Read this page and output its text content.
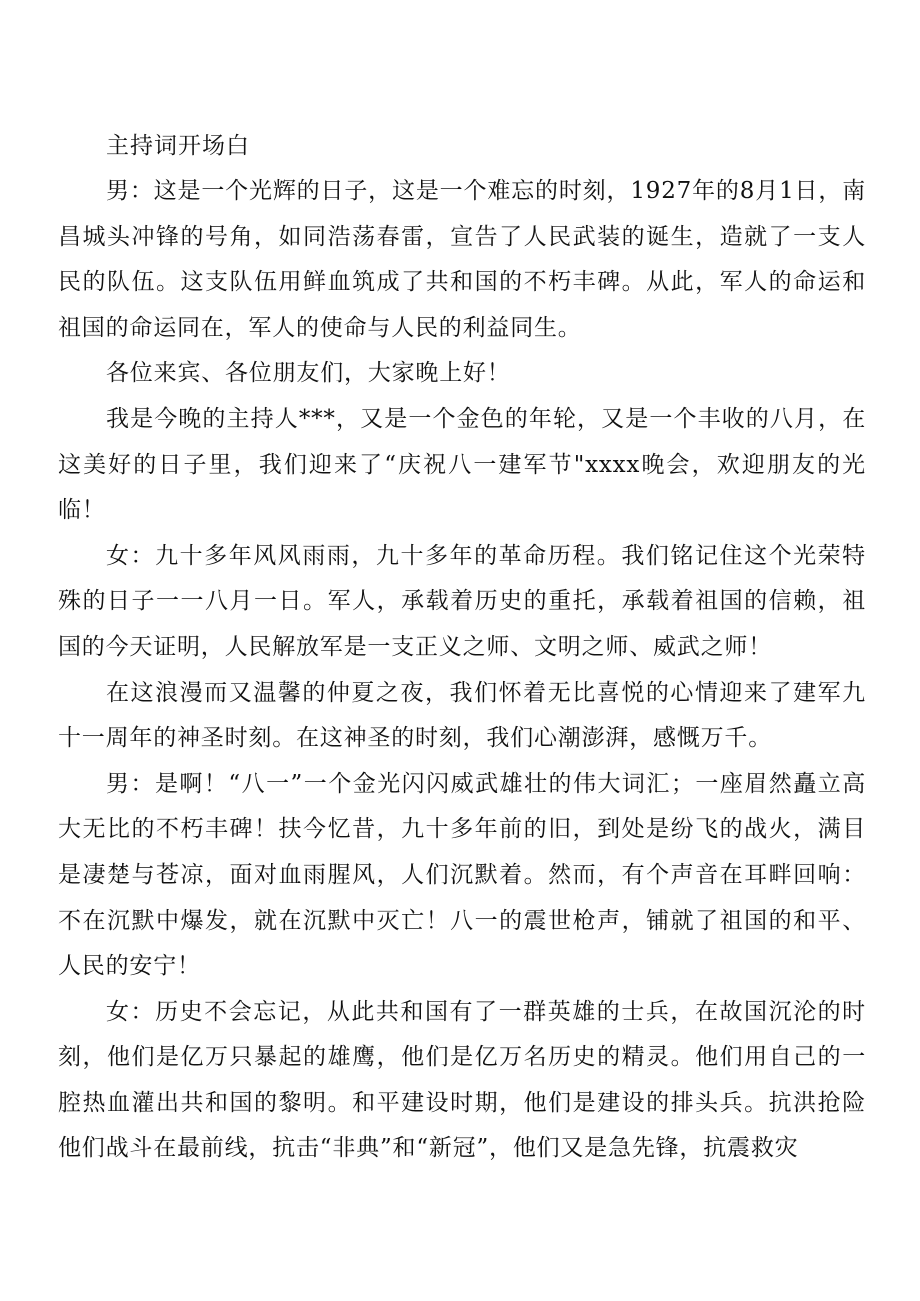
主持词开场白

男：这是一个光辉的日子，这是一个难忘的时刻，1927年的8月1日，南昌城头冲锋的号角，如同浩荡春雷，宣告了人民武装的诞生，造就了一支人民的队伍。这支队伍用鲜血筑成了共和国的不朽丰碑。从此，军人的命运和祖国的命运同在，军人的使命与人民的利益同生。

各位来宾、各位朋友们，大家晚上好！

我是今晚的主持人***，又是一个金色的年轮，又是一个丰收的八月，在这美好的日子里，我们迎来了“庆祝八一建军节"xxxx晚会，欢迎朋友的光临！

女：九十多年风风雨雨，九十多年的革命历程。我们铭记住这个光荣特殊的日子一一八月一日。军人，承载着历史的重托，承载着祖国的信赖，祖国的今天证明，人民解放军是一支正义之师、文明之师、威武之师！

在这浪漫而又温馨的仲夏之夜，我们怀着无比喜悦的心情迎来了建军九十一周年的神圣时刻。在这神圣的时刻，我们心潮澎湃，感慨万千。

男：是啊！“八一”一个金光闪闪威武雄壮的伟大词汇；一座眉然矗立高大无比的不朽丰碑！扶今忆昔，九十多年前的旧，到处是纷飞的战火，满目是凄楚与苍凉，面对血雨腥风，人们沉默着。然而，有个声音在耳畔回响：不在沉默中爆发，就在沉默中灭亡！八一的震世枪声，铺就了祖国的和平、人民的安宁！

女：历史不会忘记，从此共和国有了一群英雄的士兵，在故国沉沦的时刻，他们是亿万只暴起的雄鹰，他们是亿万名历史的精灵。他们用自己的一腔热血灌出共和国的黎明。和平建设时期，他们是建设的排头兵。抗洪抢险他们战斗在最前线，抗击“非典”和“新冠”，他们又是急先锋，抗震救灾
